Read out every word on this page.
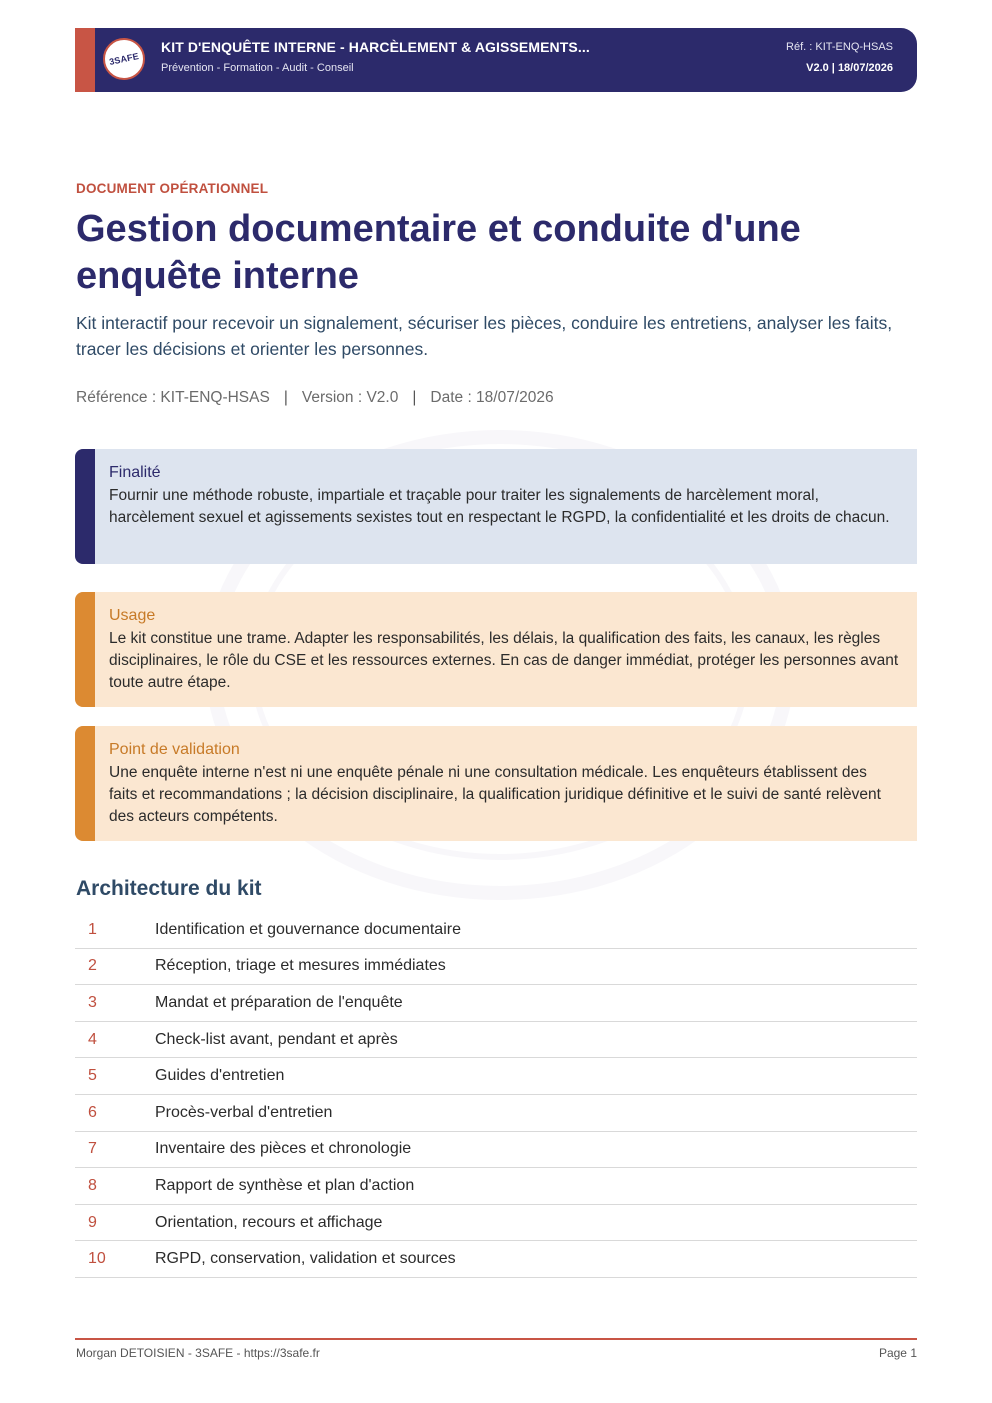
3SAFE
KIT D'ENQUÊTE INTERNE - HARCÈLEMENT & AGISSEMENTS...
Prévention - Formation - Audit - Conseil
Réf. : KIT-ENQ-HSAS
V2.0 | 18/07/2026
DOCUMENT OPÉRATIONNEL
Gestion documentaire et conduite d'une enquête interne
Kit interactif pour recevoir un signalement, sécuriser les pièces, conduire les entretiens, analyser les faits, tracer les décisions et orienter les personnes.
Référence : KIT-ENQ-HSAS | Version : V2.0 | Date : 18/07/2026
Finalité
Fournir une méthode robuste, impartiale et traçable pour traiter les signalements de harcèlement moral, harcèlement sexuel et agissements sexistes tout en respectant le RGPD, la confidentialité et les droits de chacun.
Usage
Le kit constitue une trame. Adapter les responsabilités, les délais, la qualification des faits, les canaux, les règles disciplinaires, le rôle du CSE et les ressources externes. En cas de danger immédiat, protéger les personnes avant toute autre étape.
Point de validation
Une enquête interne n'est ni une enquête pénale ni une consultation médicale. Les enquêteurs établissent des faits et recommandations ; la décision disciplinaire, la qualification juridique définitive et le suivi de santé relèvent des acteurs compétents.
Architecture du kit
1	Identification et gouvernance documentaire
2	Réception, triage et mesures immédiates
3	Mandat et préparation de l'enquête
4	Check-list avant, pendant et après
5	Guides d'entretien
6	Procès-verbal d'entretien
7	Inventaire des pièces et chronologie
8	Rapport de synthèse et plan d'action
9	Orientation, recours et affichage
10	RGPD, conservation, validation et sources
Morgan DETOISIEN - 3SAFE - https://3safe.fr	Page 1
